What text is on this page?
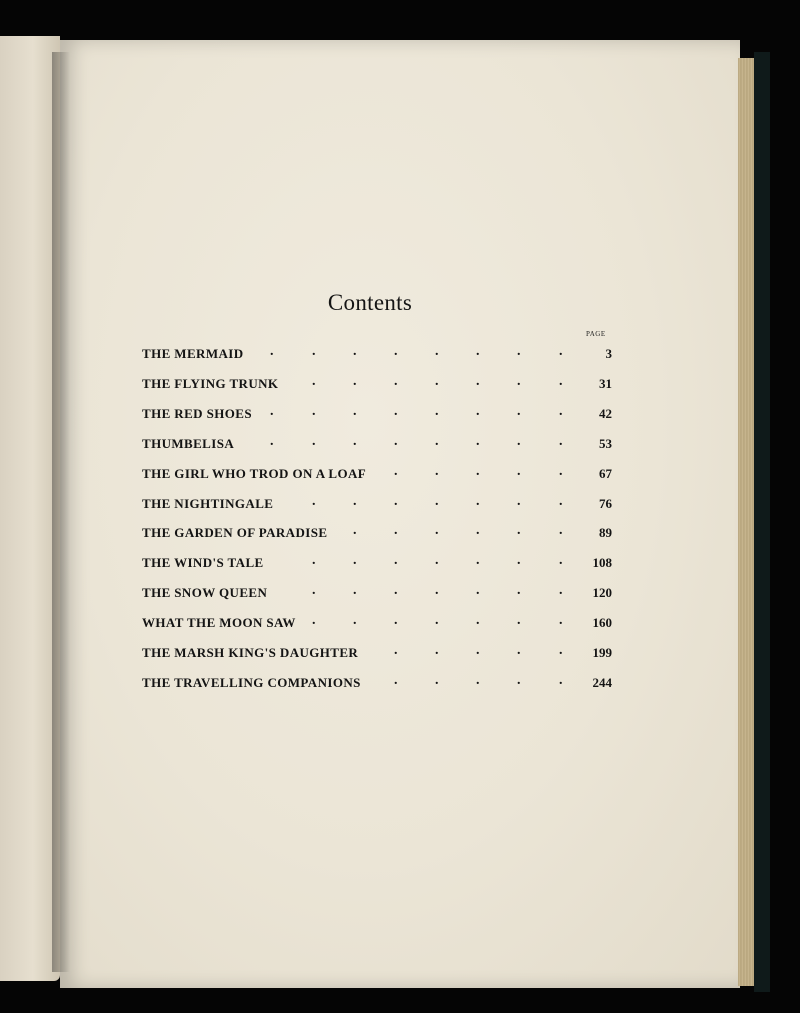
Contents
PAGE
THE MERMAID	3
.	.	.	.	.	.	.	.
THE FLYING TRUNK	31
.	.	.	.	.	.	.
THE RED SHOES	42
.	.	.	.	.	.	.	.
THUMBELISA	53
.	.	.	.	.	.	.	.
THE GIRL WHO TROD ON A LOAF	67
.	.	.	.	.
THE NIGHTINGALE	76
.	.	.	.	.	.	.
THE GARDEN OF PARADISE	89
.	.	.	.	.	.
THE WIND'S TALE	108
.	.	.	.	.	.	.
THE SNOW QUEEN	120
.	.	.	.	.	.	.
WHAT THE MOON SAW	160
.	.	.	.	.	.	.
THE MARSH KING'S DAUGHTER	199
.	.	.	.	.
THE TRAVELLING COMPANIONS	244
.	.	.	.	.
